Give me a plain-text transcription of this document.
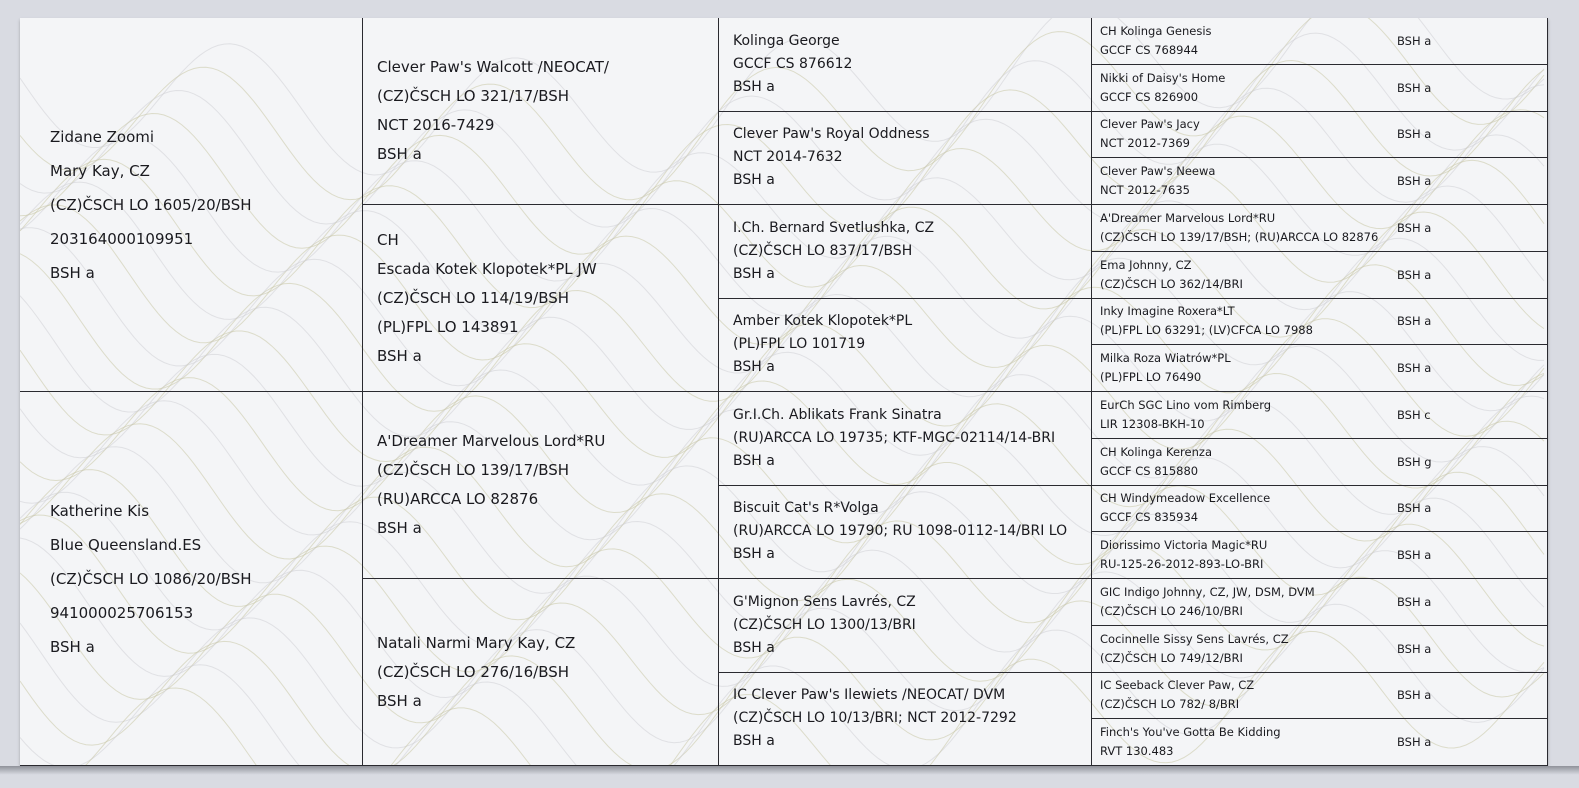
Zidane Zoomi
Mary Kay, CZ
(CZ)ČSCH LO 1605/20/BSH
203164000109951
BSH a
Katherine Kis
Blue Queensland.ES
(CZ)ČSCH LO 1086/20/BSH
941000025706153
BSH a
Clever Paw's Walcott /NEOCAT/
(CZ)ČSCH LO 321/17/BSH
NCT 2016-7429
BSH a
CH
Escada Kotek Klopotek*PL JW
(CZ)ČSCH LO 114/19/BSH
(PL)FPL LO 143891
BSH a
A'Dreamer Marvelous Lord*RU
(CZ)ČSCH LO 139/17/BSH
(RU)ARCCA LO 82876
BSH a
Natali Narmi Mary Kay, CZ
(CZ)ČSCH LO 276/16/BSH
BSH a
Kolinga George
GCCF CS 876612
BSH a
Clever Paw's Royal Oddness
NCT 2014-7632
BSH a
I.Ch. Bernard Svetlushka, CZ
(CZ)ČSCH LO 837/17/BSH
BSH a
Amber Kotek Klopotek*PL
(PL)FPL LO 101719
BSH a
Gr.I.Ch. Ablikats Frank Sinatra
(RU)ARCCA LO 19735; KTF-MGC-02114/14-BRI
BSH a
Biscuit Cat's R*Volga
(RU)ARCCA LO 19790; RU 1098-0112-14/BRI LO
BSH a
G'Mignon Sens Lavrés, CZ
(CZ)ČSCH LO 1300/13/BRI
BSH a
IC Clever Paw's Ilewiets /NEOCAT/ DVM
(CZ)ČSCH LO 10/13/BRI; NCT 2012-7292
BSH a
CH Kolinga Genesis
GCCF CS 768944
BSH a
Nikki of Daisy's Home
GCCF CS 826900
BSH a
Clever Paw's Jacy
NCT 2012-7369
BSH a
Clever Paw's Neewa
NCT 2012-7635
BSH a
A'Dreamer Marvelous Lord*RU
(CZ)ČSCH LO 139/17/BSH; (RU)ARCCA LO 82876
BSH a
Ema Johnny, CZ
(CZ)ČSCH LO 362/14/BRI
BSH a
Inky Imagine Roxera*LT
(PL)FPL LO 63291; (LV)CFCA LO 7988
BSH a
Milka Roza Wiatrów*PL
(PL)FPL LO 76490
BSH a
EurCh SGC Lino vom Rimberg
LIR 12308-BKH-10
BSH c
CH Kolinga Kerenza
GCCF CS 815880
BSH g
CH Windymeadow Excellence
GCCF CS 835934
BSH a
Diorissimo Victoria Magic*RU
RU-125-26-2012-893-LO-BRI
BSH a
GIC Indigo Johnny, CZ, JW, DSM, DVM
(CZ)ČSCH LO 246/10/BRI
BSH a
Cocinnelle Sissy Sens Lavrés, CZ
(CZ)ČSCH LO 749/12/BRI
BSH a
IC Seeback Clever Paw, CZ
(CZ)ČSCH LO 782/ 8/BRI
BSH a
Finch's You've Gotta Be Kidding
RVT 130.483
BSH a
